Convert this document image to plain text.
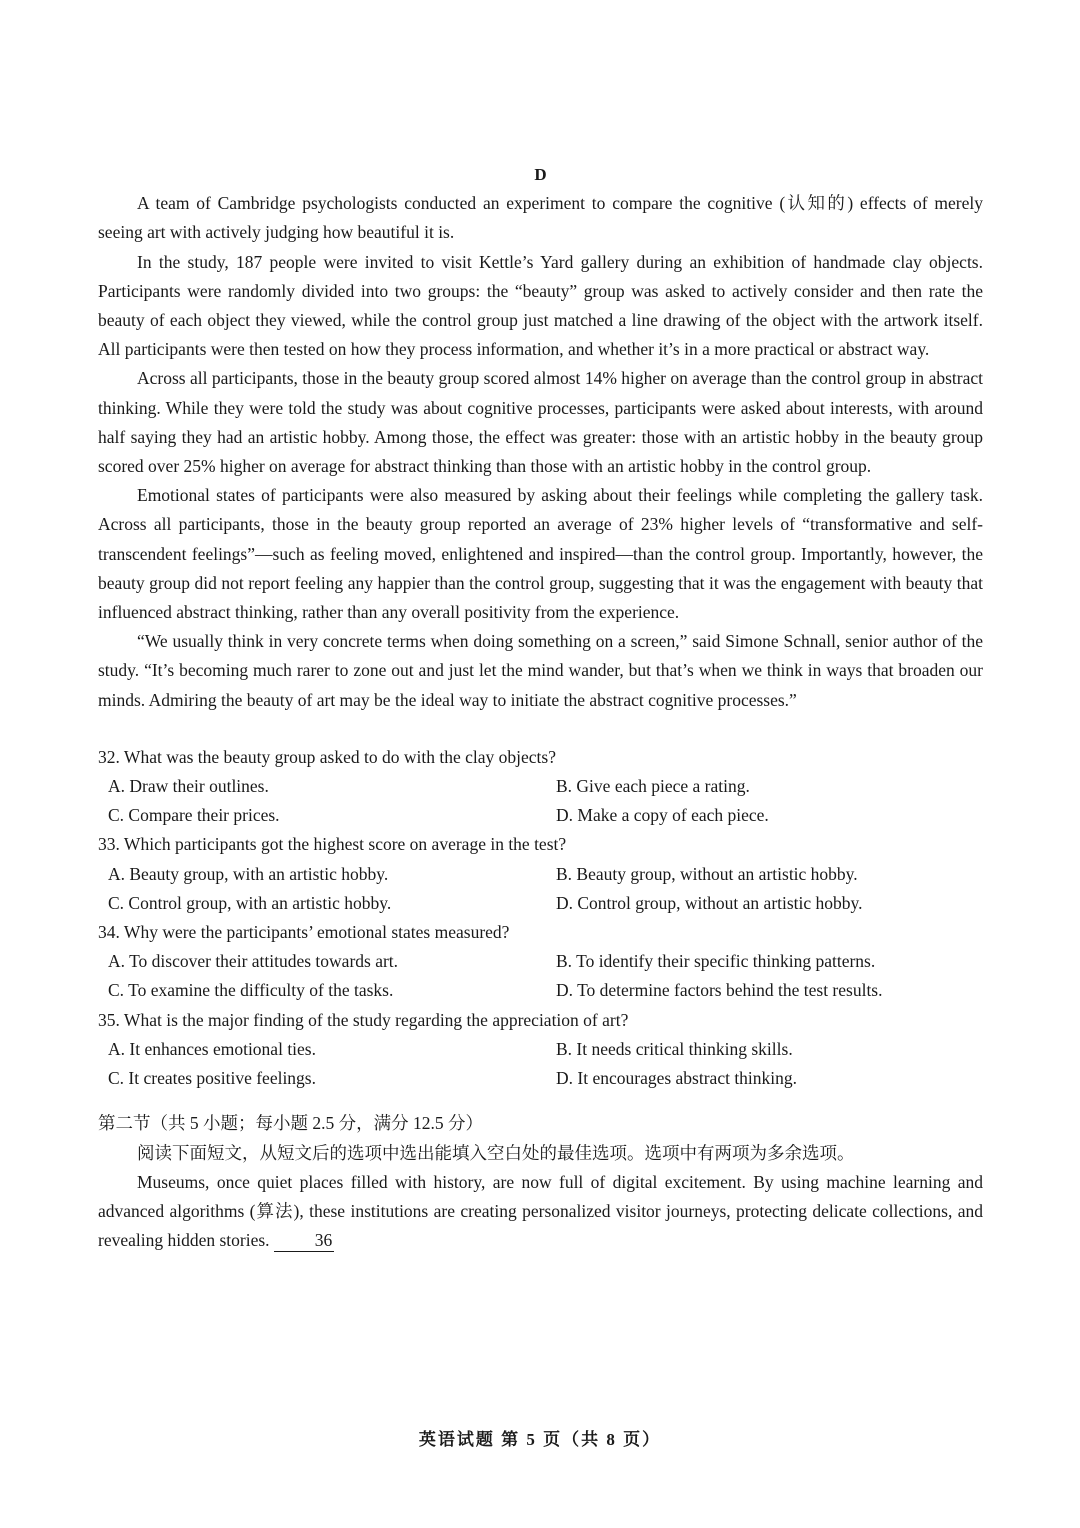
D

A team of Cambridge psychologists conducted an experiment to compare the cognitive (认知的) effects of merely seeing art with actively judging how beautiful it is.

In the study, 187 people were invited to visit Kettle’s Yard gallery during an exhibition of handmade clay objects. Participants were randomly divided into two groups: the “beauty” group was asked to actively consider and then rate the beauty of each object they viewed, while the control group just matched a line drawing of the object with the artwork itself. All participants were then tested on how they process information, and whether it’s in a more practical or abstract way.

Across all participants, those in the beauty group scored almost 14% higher on average than the control group in abstract thinking. While they were told the study was about cognitive processes, participants were asked about interests, with around half saying they had an artistic hobby. Among those, the effect was greater: those with an artistic hobby in the beauty group scored over 25% higher on average for abstract thinking than those with an artistic hobby in the control group.

Emotional states of participants were also measured by asking about their feelings while completing the gallery task. Across all participants, those in the beauty group reported an average of 23% higher levels of “transformative and self-transcendent feelings”—such as feeling moved, enlightened and inspired—than the control group. Importantly, however, the beauty group did not report feeling any happier than the control group, suggesting that it was the engagement with beauty that influenced abstract thinking, rather than any overall positivity from the experience.

“We usually think in very concrete terms when doing something on a screen,” said Simone Schnall, senior author of the study. “It’s becoming much rarer to zone out and just let the mind wander, but that’s when we think in ways that broaden our minds. Admiring the beauty of art may be the ideal way to initiate the abstract cognitive processes.”

32. What was the beauty group asked to do with the clay objects?

A. Draw their outlines.	B. Give each piece a rating.
C. Compare their prices.	D. Make a copy of each piece.

33. Which participants got the highest score on average in the test?

A. Beauty group, with an artistic hobby.	B. Beauty group, without an artistic hobby.
C. Control group, with an artistic hobby.	D. Control group, without an artistic hobby.

34. Why were the participants’ emotional states measured?

A. To discover their attitudes towards art.	B. To identify their specific thinking patterns.
C. To examine the difficulty of the tasks.	D. To determine factors behind the test results.

35. What is the major finding of the study regarding the appreciation of art?

A. It enhances emotional ties.	B. It needs critical thinking skills.
C. It creates positive feelings.	D. It encourages abstract thinking.

第二节（共 5 小题；每小题 2.5 分，满分 12.5 分）

阅读下面短文，从短文后的选项中选出能填入空白处的最佳选项。选项中有两项为多余选项。

Museums, once quiet places filled with history, are now full of digital excitement. By using machine learning and advanced algorithms (算法), these institutions are creating personalized visitor journeys, protecting delicate collections, and revealing hidden stories.	36

英语试题 第 5 页（共 8 页）
